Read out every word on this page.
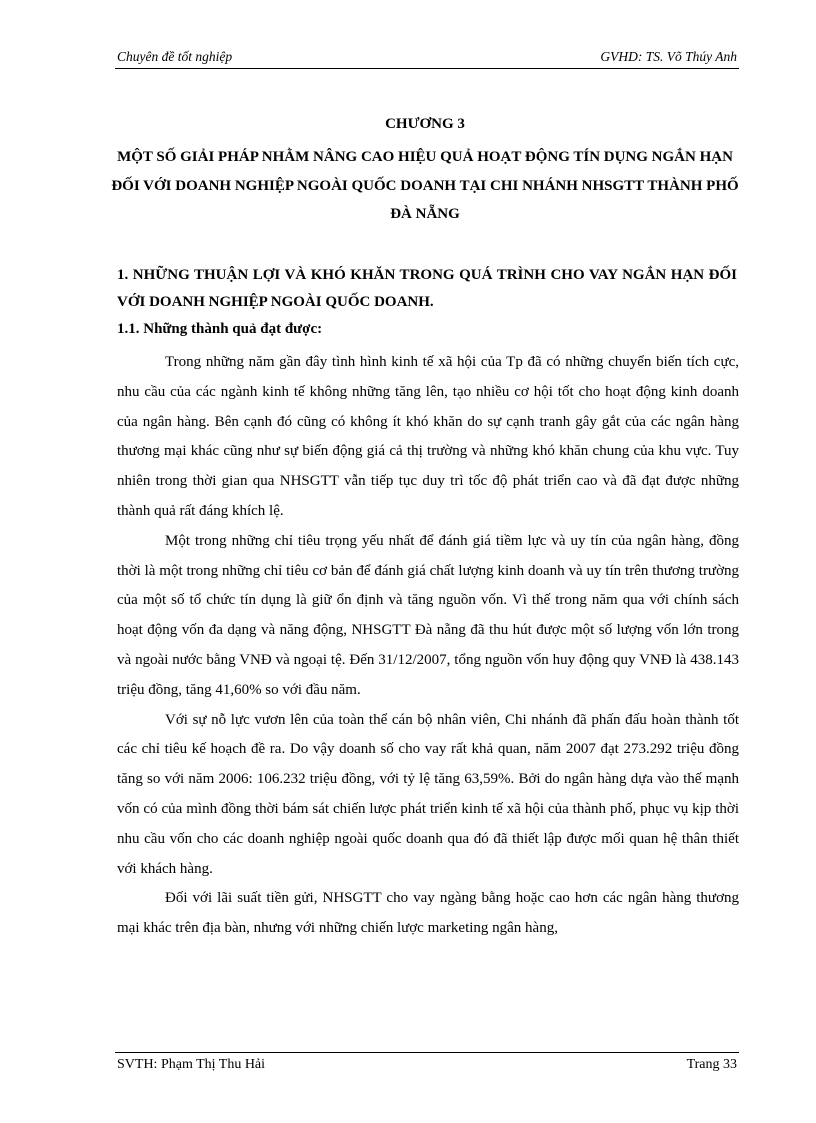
Chuyên đề tốt nghiệp	GVHD: TS. Võ Thúy Anh
CHƯƠNG 3
MỘT SỐ GIẢI PHÁP NHẰM NÂNG CAO HIỆU QUẢ HOẠT ĐỘNG TÍN DỤNG NGẮN HẠN ĐỐI VỚI DOANH NGHIỆP NGOÀI QUỐC DOANH TẠI CHI NHÁNH NHSGTT THÀNH PHỐ ĐÀ NẴNG
1. NHỮNG THUẬN LỢI VÀ KHÓ KHĂN TRONG QUÁ TRÌNH CHO VAY NGẮN HẠN ĐỐI VỚI DOANH NGHIỆP NGOÀI QUỐC DOANH.
1.1. Những thành quả đạt được:

Trong những năm gần đây tình hình kinh tế xã hội của Tp đã có những chuyển biến tích cực, nhu cầu của các ngành kinh tế không những tăng lên, tạo nhiều cơ hội tốt cho hoạt động kinh doanh của ngân hàng. Bên cạnh đó cũng có không ít khó khăn do sự cạnh tranh gây gắt của các ngân hàng thương mại khác cũng như sự biến động giá cả thị trường và những khó khăn chung của khu vực. Tuy nhiên trong thời gian qua NHSGTT vẫn tiếp tục duy trì tốc độ phát triển cao và đã đạt được những thành quả rất đáng khích lệ.

Một trong những chỉ tiêu trọng yếu nhất để đánh giá tiềm lực và uy tín của ngân hàng, đồng thời là một trong những chỉ tiêu cơ bản để đánh giá chất lượng kinh doanh và uy tín trên thương trường của một số tổ chức tín dụng là giữ ổn định và tăng nguồn vốn. Vì thế trong năm qua với chính sách hoạt động vốn đa dạng và năng động, NHSGTT Đà nẵng đã thu hút được một số lượng vốn lớn trong và ngoài nước bằng VNĐ và ngoại tệ. Đến 31/12/2007, tổng nguồn vốn huy động quy VNĐ là 438.143 triệu đồng, tăng 41,60% so với đầu năm.

Với sự nỗ lực vươn lên của toàn thể cán bộ nhân viên, Chi nhánh đã phấn đấu hoàn thành tốt các chỉ tiêu kế hoạch đề ra. Do vậy doanh số cho vay rất khả quan, năm 2007 đạt 273.292 triệu đồng tăng so với năm 2006: 106.232 triệu đồng, với tỷ lệ tăng 63,59%. Bởi do ngân hàng dựa vào thế mạnh vốn có của mình đồng thời bám sát chiến lược phát triển kinh tế xã hội của thành phố, phục vụ kịp thời nhu cầu vốn cho các doanh nghiệp ngoài quốc doanh qua đó đã thiết lập được mối quan hệ thân thiết với khách hàng.

Đối với lãi suất tiền gửi, NHSGTT cho vay ngàng bằng hoặc cao hơn các ngân hàng thương mại khác trên địa bàn, nhưng với những chiến lược marketing ngân hàng,

SVTH: Phạm Thị Thu Hải	Trang 33
